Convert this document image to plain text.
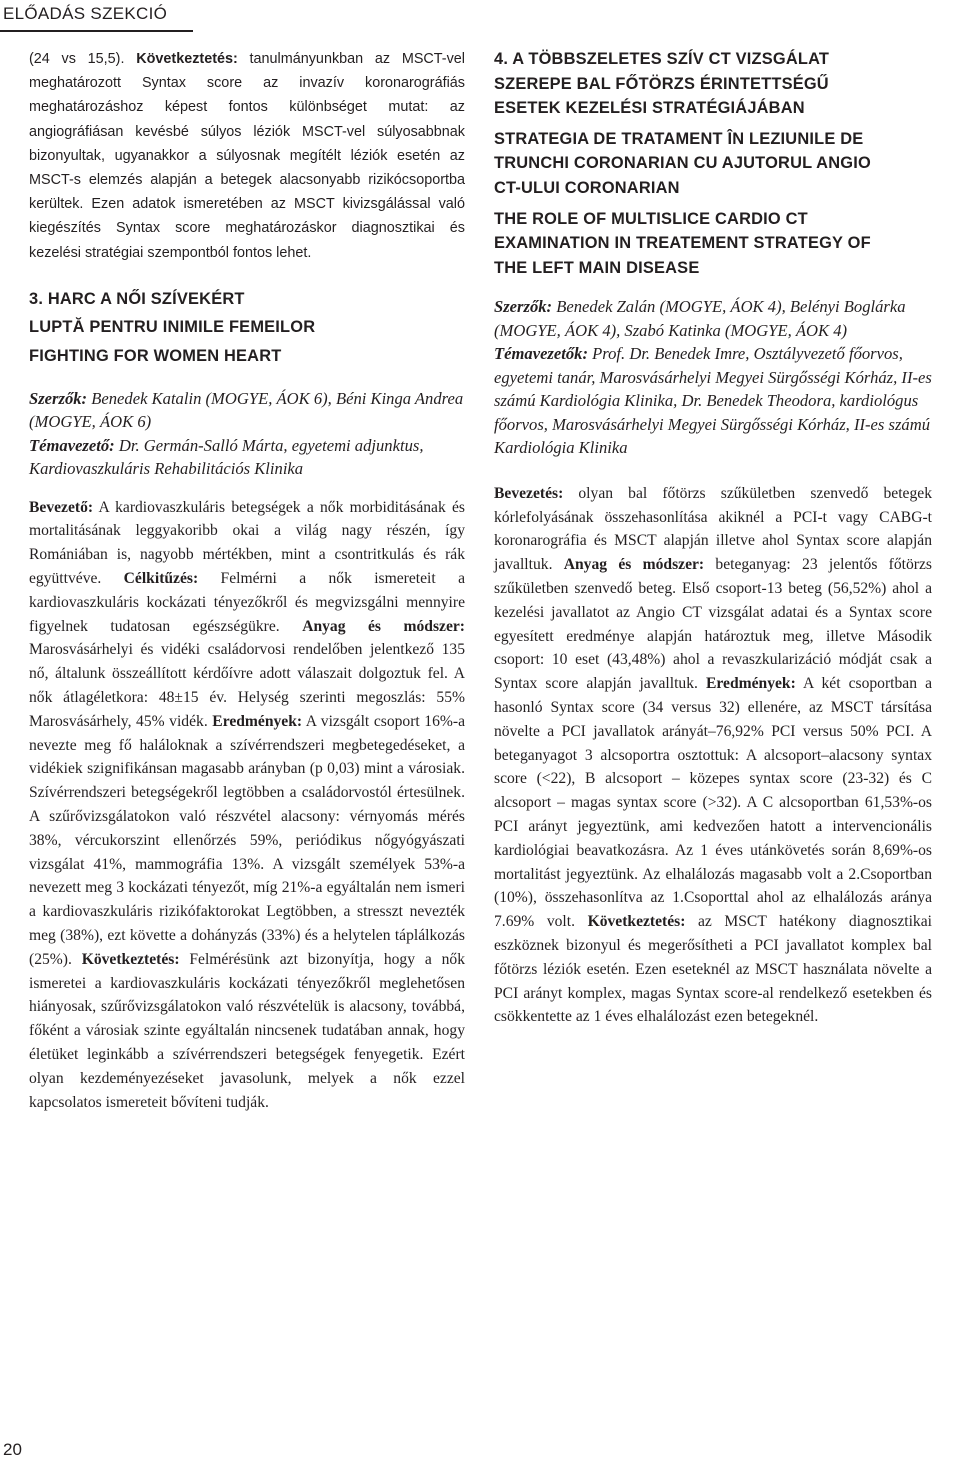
ELŐADÁS SZEKCIÓ

(24 vs 15,5). Következtetés: tanulmányunkban az MSCT-vel meghatározott Syntax score az invazív koronarográfiás meghatározáshoz képest fontos különbséget mutat: az angiográfiásan kevésbé súlyos léziók MSCT-vel súlyosabbnak bizonyultak, ugyanakkor a súlyosnak megítélt léziók esetén az MSCT-s elemzés alapján a betegek alacsonyabb rizikócsoportba kerültek. Ezen adatok ismeretében az MSCT kivizsgálással való kiegészítés Syntax score meghatározáskor diagnosztikai és kezelési stratégiai szempontból fontos lehet.

3. HARC A NŐI SZÍVEKÉRT
LUPTĂ PENTRU INIMILE FEMEILOR
FIGHTING FOR WOMEN HEART

Szerzők: Benedek Katalin (MOGYE, ÁOK 6), Béni Kinga Andrea (MOGYE, ÁOK 6)

Témavezető: Dr. Germán-Salló Márta, egyetemi adjunktus, Kardiovaszkuláris Rehabilitációs Klinika

Bevezető: A kardiovaszkuláris betegségek a nők morbiditásának és mortalitásának leggyakoribb okai a világ nagy részén, így Romániában is, nagyobb mértékben, mint a csontritkulás és rák együttvéve. Célkitűzés: Felmérni a nők ismereteit a kardiovaszkuláris kockázati tényezőkről és megvizsgálni mennyire figyelnek tudatosan egészségükre. Anyag és módszer: Marosvásárhelyi és vidéki családorvosi rendelőben jelentkező 135 nő, általunk összeállított kérdőívre adott válaszait dolgoztuk fel. A nők átlagéletkora: 48±15 év. Helység szerinti megoszlás: 55% Marosvásárhely, 45% vidék. Eredmények: A vizsgált csoport 16%-a nevezte meg fő haláloknak a szívérrendszeri megbetegedéseket, a vidékiek szignifikánsan magasabb arányban (p 0,03) mint a városiak. Szívérrendszeri betegségekről legtöbben a családorvostól értesülnek. A szűrővizsgálatokon való részvétel alacsony: vérnyomás mérés 38%, vércukorszint ellenőrzés 59%, periódikus nőgyógyászati vizsgálat 41%, mammográfia 13%. A vizsgált személyek 53%-a nevezett meg 3 kockázati tényezőt, míg 21%-a egyáltalán nem ismeri a kardiovaszkuláris rizikófaktorokat Legtöbben, a stresszt nevezték meg (38%), ezt követte a dohányzás (33%) és a helytelen táplálkozás (25%). Következtetés: Felmérésünk azt bizonyítja, hogy a nők ismeretei a kardiovaszkuláris kockázati tényezőkről meglehetősen hiányosak, szűrővizsgálatokon való részvételük is alacsony, továbbá, főként a városiak szinte egyáltalán nincsenek tudatában annak, hogy életüket leginkább a szívérrendszeri betegségek fenyegetik. Ezért olyan kezdeményezéseket javasolunk, melyek a nők ezzel kapcsolatos ismereteit bővíteni tudják.

4. A TÖBBSZELETES SZÍV CT VIZSGÁLAT
SZEREPE BAL FŐTÖRZS ÉRINTETTSÉGŰ
ESETEK KEZELÉSI STRATÉGIÁJÁBAN
STRATEGIA DE TRATAMENT ÎN LEZIUNILE DE
TRUNCHI CORONARIAN CU AJUTORUL ANGIO
CT-ULUI CORONARIAN
THE ROLE OF MULTISLICE CARDIO CT
EXAMINATION IN TREATEMENT STRATEGY OF
THE LEFT MAIN DISEASE

Szerzők: Benedek Zalán (MOGYE, ÁOK 4), Belényi Boglárka (MOGYE, ÁOK 4), Szabó Katinka (MOGYE, ÁOK 4)

Témavezetők: Prof. Dr. Benedek Imre, Osztályvezető főorvos, egyetemi tanár, Marosvásárhelyi Megyei Sürgősségi Kórház, II-es számú Kardiológia Klinika, Dr. Benedek Theodora, kardiológus főorvos, Marosvásárhelyi Megyei Sürgősségi Kórház, II-es számú Kardiológia Klinika

Bevezetés: olyan bal főtörzs szűkületben szenvedő betegek kórlefolyásának összehasonlítása akiknél a PCI-t vagy CABG-t koronarográfia és MSCT alapján illetve ahol Syntax score alapján javalltuk. Anyag és módszer: beteganyag: 23 jelentős főtörzs szűkületben szenvedő beteg. Első csoport-13 beteg (56,52%) ahol a kezelési javallatot az Angio CT vizsgálat adatai és a Syntax score egyesített eredménye alapján határoztuk meg, illetve Második csoport: 10 eset (43,48%) ahol a revaszkularizáció módját csak a Syntax score alapján javalltuk. Eredmények: A két csoportban a hasonló Syntax score (34 versus 32) ellenére, az MSCT társítása növelte a PCI javallatok arányát–76,92% PCI versus 50% PCI. A beteganyagot 3 alcsoportra osztottuk: A alcsoport–alacsony syntax score (<22), B alcsoport – közepes syntax score (23-32) és C alcsoport – magas syntax score (>32). A C alcsoportban 61,53%-os PCI arányt jegyeztünk, ami kedvezően hatott a intervencionális kardiológiai beavatkozásra. Az 1 éves utánkövetés során 8,69%-os mortalitást jegyeztünk. Az elhalálozás magasabb volt a 2.Csoportban (10%), összehasonlítva az 1.Csoporttal ahol az elhalálozás aránya 7.69% volt. Következtetés: az MSCT hatékony diagnosztikai eszköznek bizonyul és megerősítheti a PCI javallatot komplex bal főtörzs léziók esetén. Ezen eseteknél az MSCT használata növelte a PCI arányt komplex, magas Syntax score-al rendelkező esetekben és csökkentette az 1 éves elhalálozást ezen betegeknél.

20
